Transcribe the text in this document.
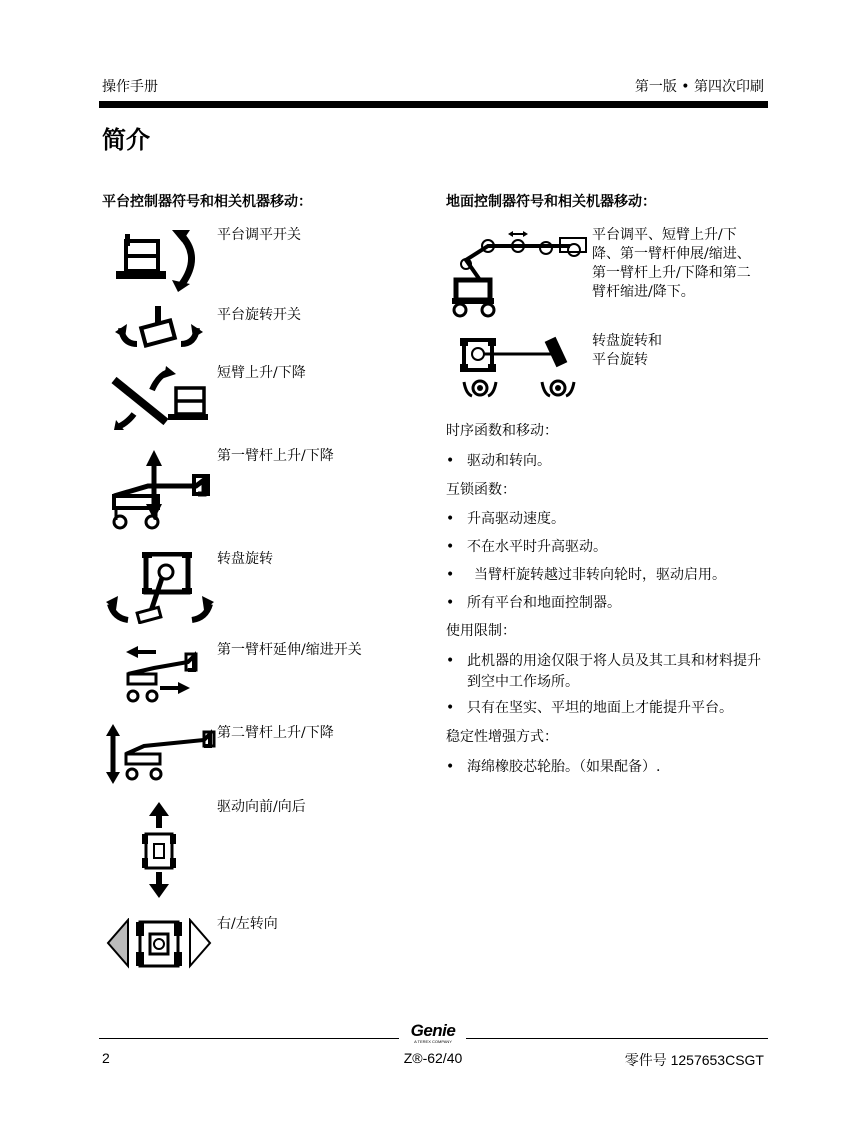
操作手册	第一版 • 第四次印刷
简介
平台控制器符号和相关机器移动：
平台调平开关
平台旋转开关
短臂上升/下降
第一臂杆上升/下降
转盘旋转
第一臂杆延伸/缩进开关
第二臂杆上升/下降
驱动向前/向后
右/左转向
地面控制器符号和相关机器移动：
平台调平、短臂上升/下降、第一臂杆伸展/缩进、第一臂杆上升/下降和第二臂杆缩进/降下。
转盘旋转和平台旋转
时序函数和移动：
• 驱动和转向。
互锁函数：
• 升高驱动速度。
• 不在水平时升高驱动。
• 当臂杆旋转越过非转向轮时，驱动启用。
• 所有平台和地面控制器。
使用限制：
• 此机器的用途仅限于将人员及其工具和材料提升到空中工作场所。
• 只有在坚实、平坦的地面上才能提升平台。
稳定性增强方式：
• 海绵橡胶芯轮胎。（如果配备）.
Genie
A TEREX COMPANY
2	Z®-62/40	零件号 1257653CSGT
